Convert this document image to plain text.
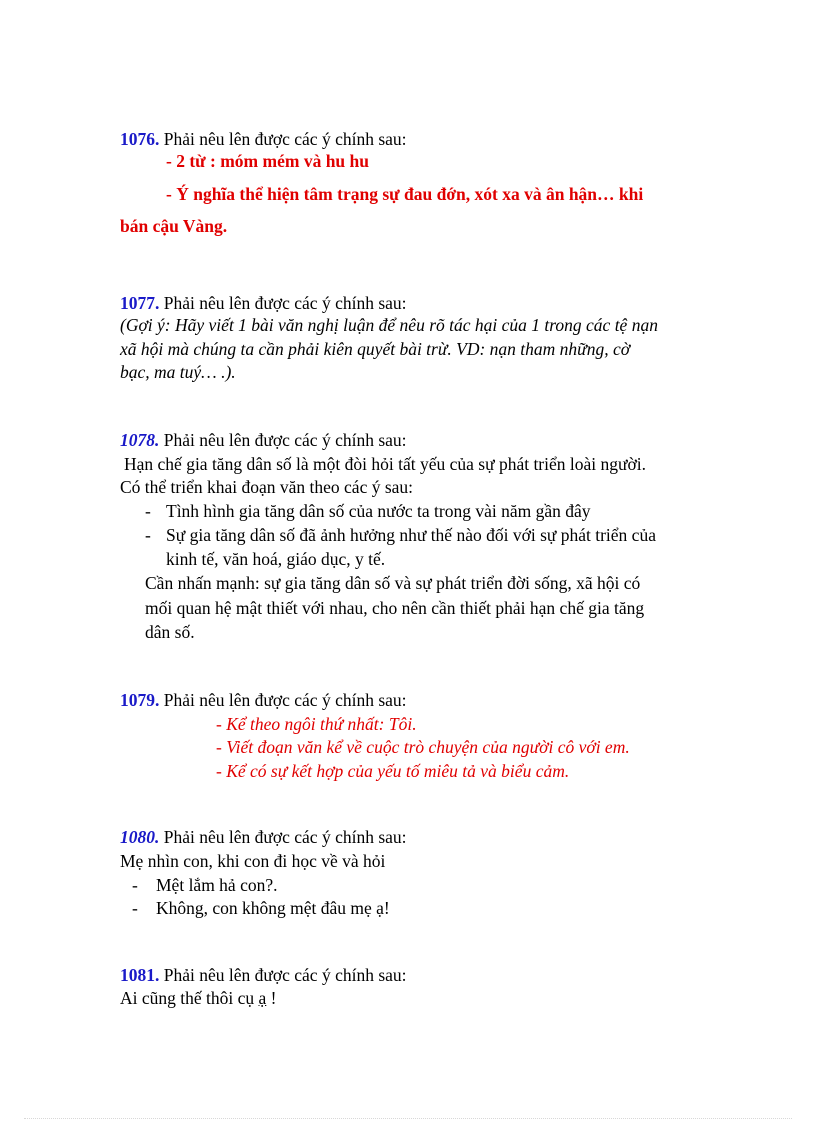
1076. Phải nêu lên được các ý chính sau:
- 2 từ : móm mém và hu hu
- Ý nghĩa thể hiện tâm trạng sự đau đớn, xót xa và ân hận… khi
bán cậu Vàng.
1077. Phải nêu lên được các ý chính sau:
(Gợi ý: Hãy viết 1 bài văn nghị luận để nêu rõ tác hại của 1 trong các tệ nạn
xã hội mà chúng ta cần phải kiên quyết bài trừ. VD: nạn tham những, cờ
bạc, ma tuý… .).
1078. Phải nêu lên được các ý chính sau:
Hạn chế gia tăng dân số là một đòi hỏi tất yếu của sự phát triển loài người.
Có thể triển khai đoạn văn theo các ý sau:
- Tình hình gia tăng dân số của nước ta trong vài năm gần đây
- Sự gia tăng dân số đã ảnh hưởng như thế nào đối với sự phát triển của
kinh tế, văn hoá, giáo dục, y tế.
Cần nhấn mạnh: sự gia tăng dân số và sự phát triển đời sống, xã hội có
mối quan hệ mật thiết với nhau, cho nên cần thiết phải hạn chế gia tăng
dân số.
1079. Phải nêu lên được các ý chính sau:
- Kể theo ngôi thứ nhất: Tôi.
- Viết đoạn văn kể về cuộc trò chuyện của người cô với em.
- Kể có sự kết hợp của yếu tố miêu tả và biểu cảm.
1080. Phải nêu lên được các ý chính sau:
Mẹ nhìn con, khi con đi học về và hỏi
- Mệt lắm hả con?.
- Không, con không mệt đâu mẹ ạ!
1081. Phải nêu lên được các ý chính sau:
Ai cũng thế thôi cụ ạ !
